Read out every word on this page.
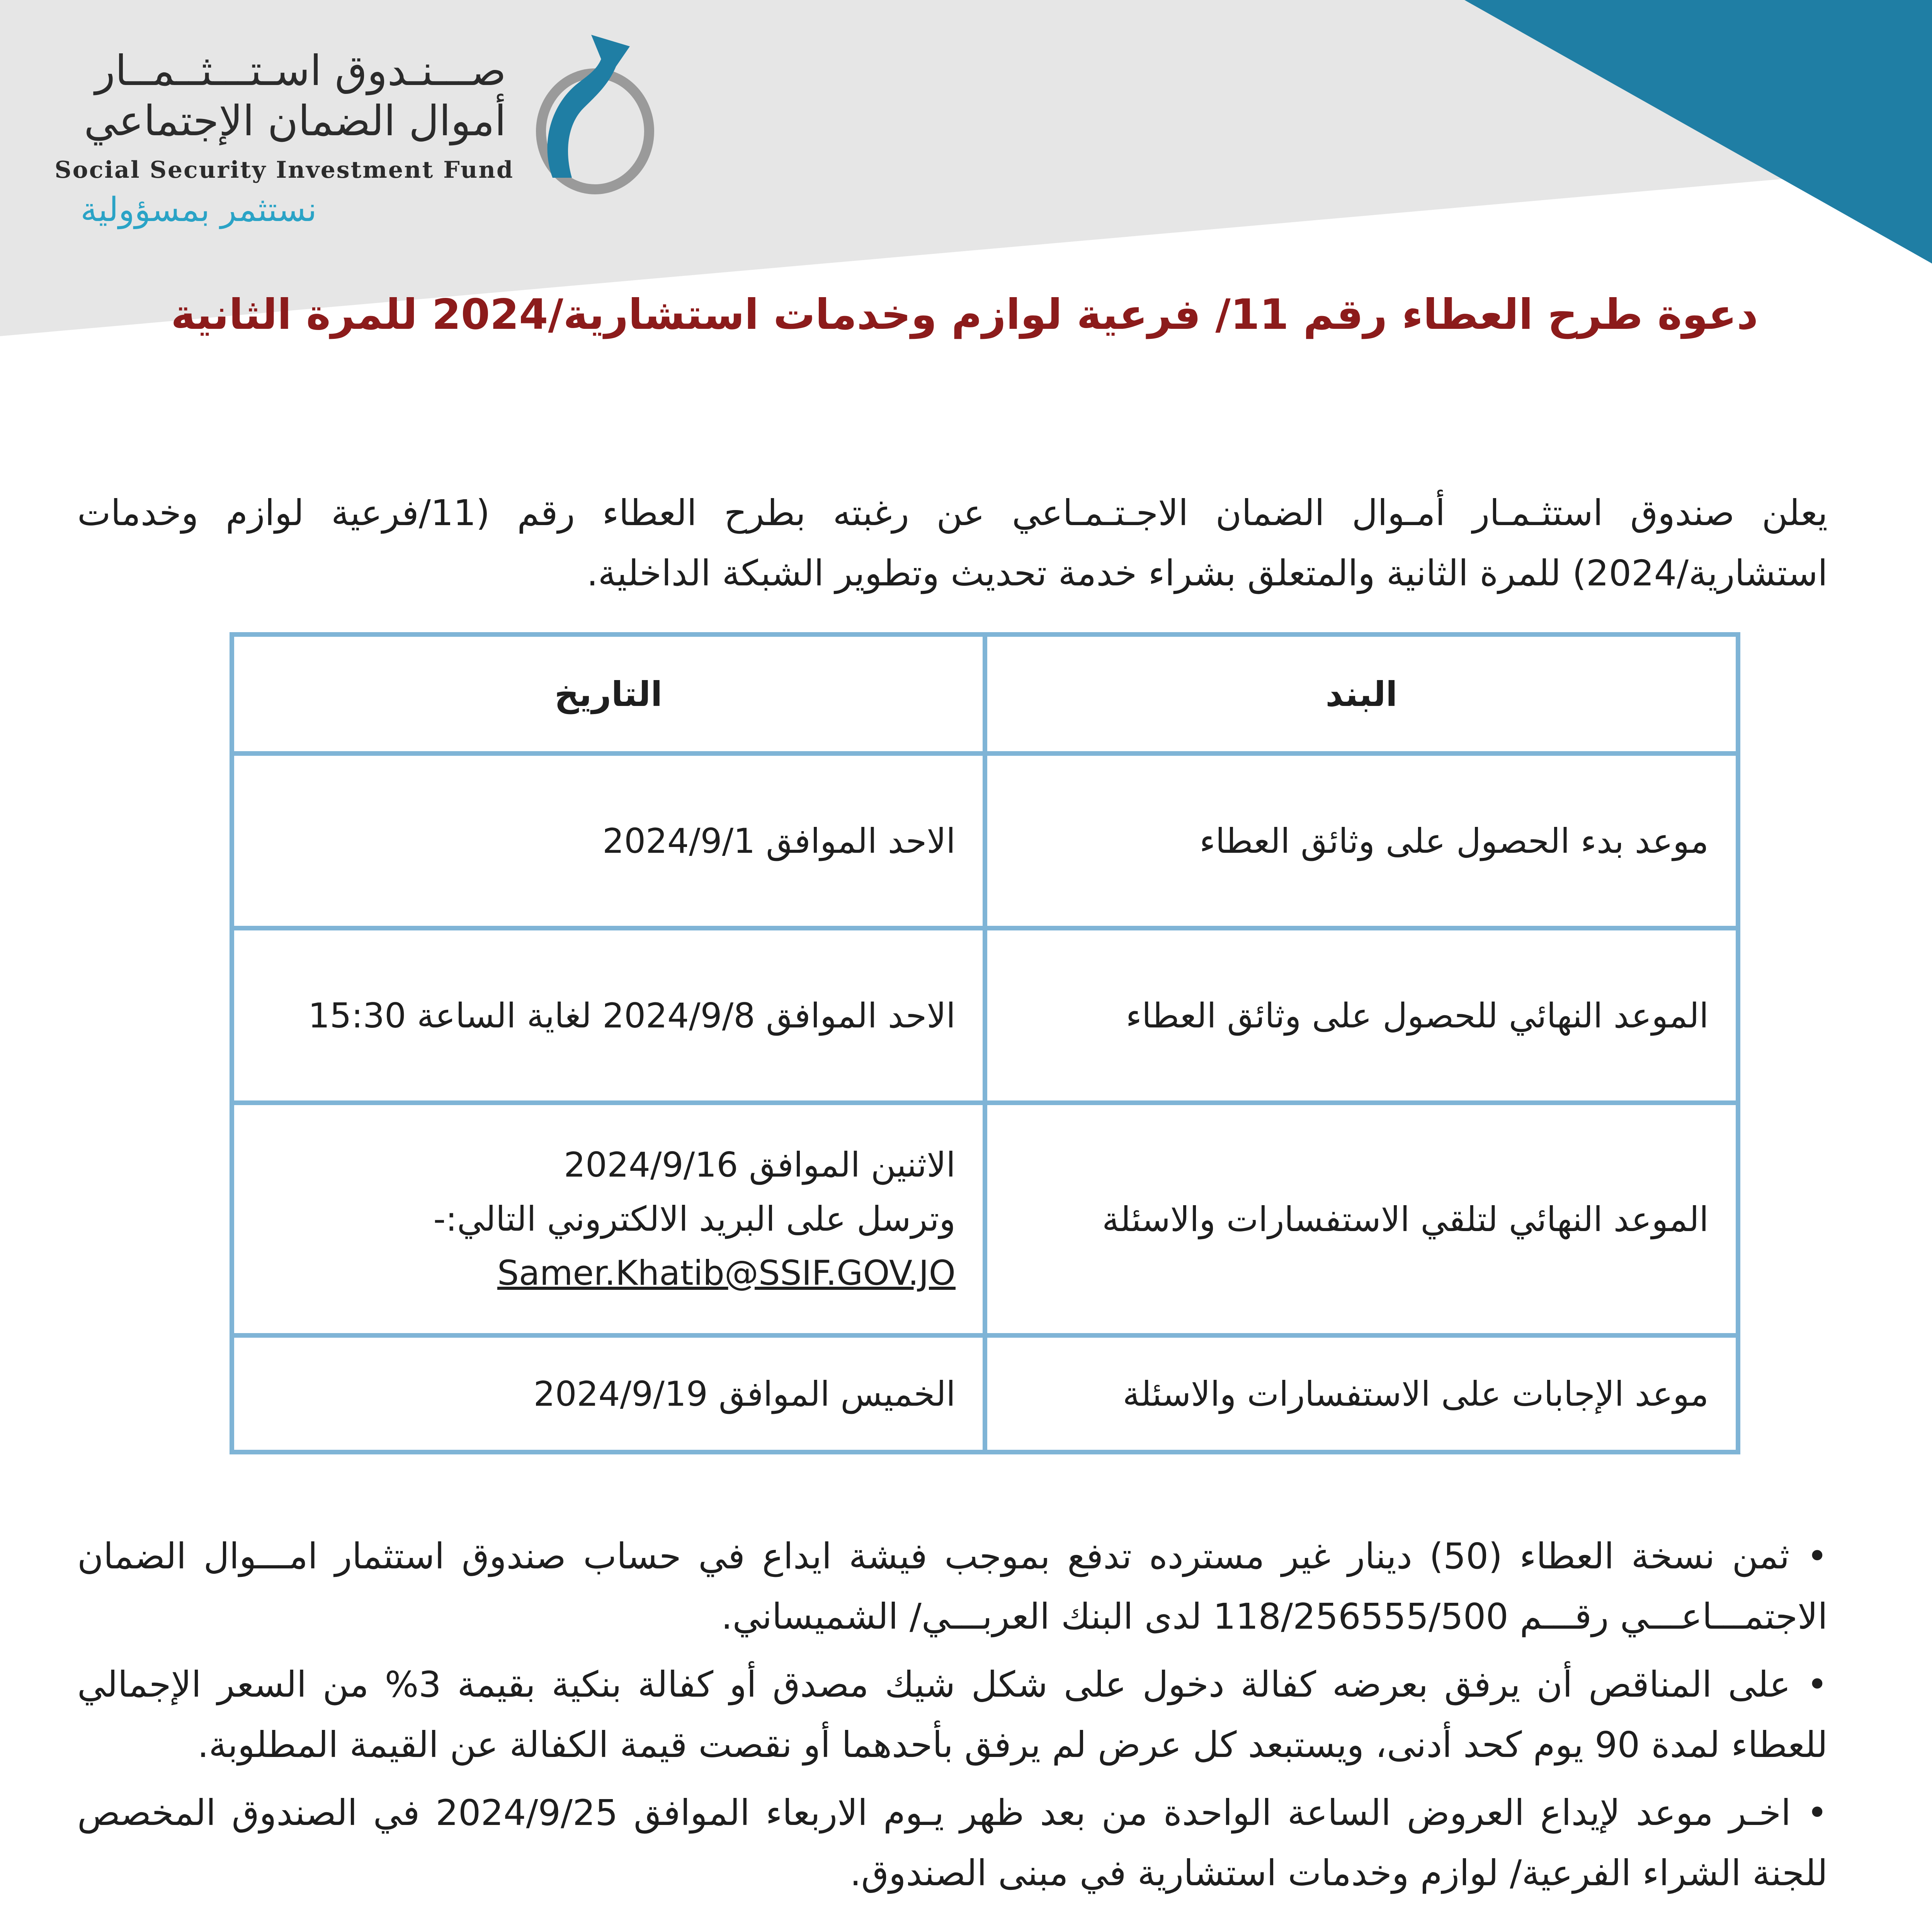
صـــنـدوق اسـتـــثــمــار
أموال الضمان الإجتماعي
Social Security Investment Fund
نستثمر بمسؤولية
دعوة طرح العطاء رقم 11/ فرعية لوازم وخدمات استشارية/2024 للمرة الثانية
يعلن صندوق استثـمـار أمـوال الضمان الاجـتـمـاعي عن رغبته بطرح العطاء رقم (11/فرعية لوازم وخدمات استشارية/2024) للمرة الثانية والمتعلق بشراء خدمة تحديث وتطوير الشبكة الداخلية.
البند	التاريخ
موعد بدء الحصول على وثائق العطاء	الاحد الموافق 2024/9/1
الموعد النهائي للحصول على وثائق العطاء	الاحد الموافق 2024/9/8 لغاية الساعة 15:30
الموعد النهائي لتلقي الاستفسارات والاسئلة	الاثنين الموافق 2024/9/16
وترسل على البريد الالكتروني التالي:-
Samer.Khatib@SSIF.GOV.JO

موعد الإجابات على الاستفسارات والاسئلة	الخميس الموافق 2024/9/19
• ثمن نسخة العطاء (50) دينار غير مسترده تدفع بموجب فيشة ايداع في حساب صندوق استثمار امـــوال الضمان الاجتمـــاعـــي رقـــم 118/256555/500 لدى البنك العربـــي/ الشميساني.
• على المناقص أن يرفق بعرضه كفالة دخول على شكل شيك مصدق أو كفالة بنكية بقيمة 3% من السعر الإجمالي للعطاء لمدة 90 يوم كحد أدنى، ويستبعد كل عرض لم يرفق بأحدهما أو نقصت قيمة الكفالة عن القيمة المطلوبة.
• اخـر موعد لإيداع العروض الساعة الواحدة من بعد ظهر يـوم الاربعاء الموافق 2024/9/25 في الصندوق المخصص للجنة الشراء الفرعية/ لوازم وخدمات استشارية في مبنى الصندوق.
